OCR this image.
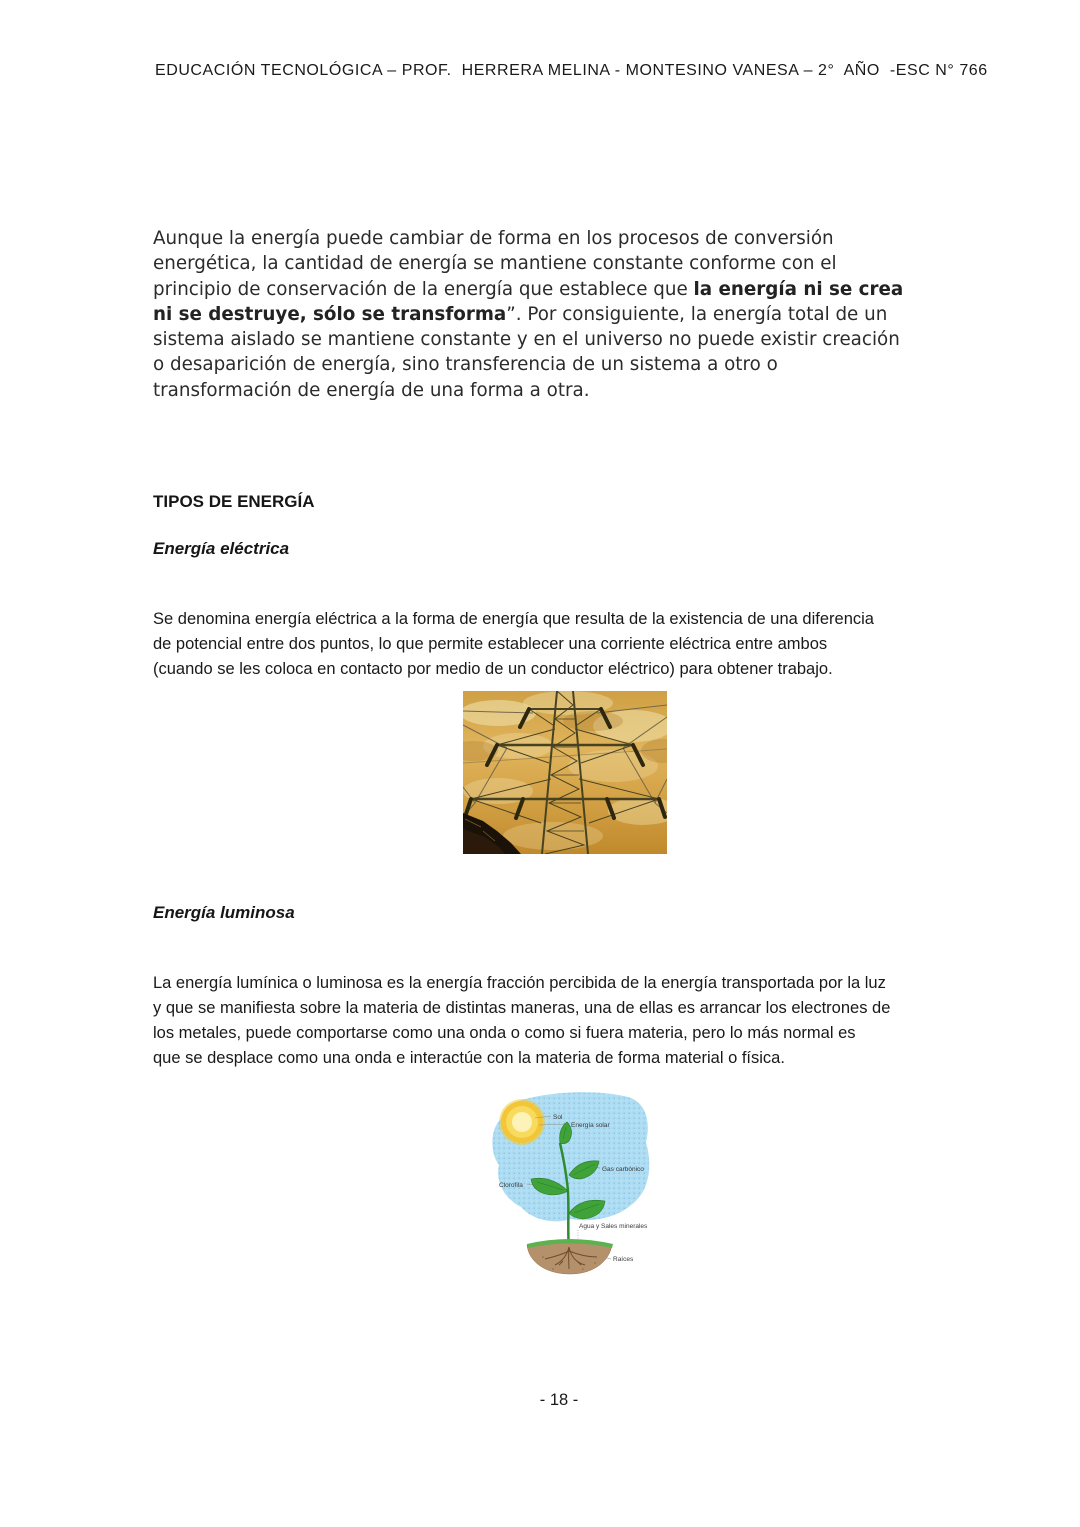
EDUCACIÓN TECNOLÓGICA – PROF.  HERRERA MELINA - MONTESINO VANESA – 2°  AÑO  -ESC N° 766
Aunque la energía puede cambiar de forma en los procesos de conversión
energética, la cantidad de energía se mantiene constante conforme con el
principio de conservación de la energía que establece que la energía ni se crea
ni se destruye, sólo se transforma”. Por consiguiente, la energía total de un
sistema aislado se mantiene constante y en el universo no puede existir creación
o desaparición de energía, sino transferencia de un sistema a otro o
transformación de energía de una forma a otra.
TIPOS DE ENERGÍA
Energía eléctrica
Se denomina energía eléctrica a la forma de energía que resulta de la existencia de una diferencia
de potencial entre dos puntos, lo que permite establecer una corriente eléctrica entre ambos
(cuando se les coloca en contacto por medio de un conductor eléctrico) para obtener trabajo.
Energía luminosa
La energía lumínica o luminosa es la energía fracción percibida de la energía transportada por la luz
y que se manifiesta sobre la materia de distintas maneras, una de ellas es arrancar los electrones de
los metales, puede comportarse como una onda o como si fuera materia, pero lo más normal es
que se desplace como una onda e interactúe con la materia de forma material o física.
Sol
Energía solar
Gas carbónico
Clorofila
Agua y Sales minerales
Raíces
- 18 -
